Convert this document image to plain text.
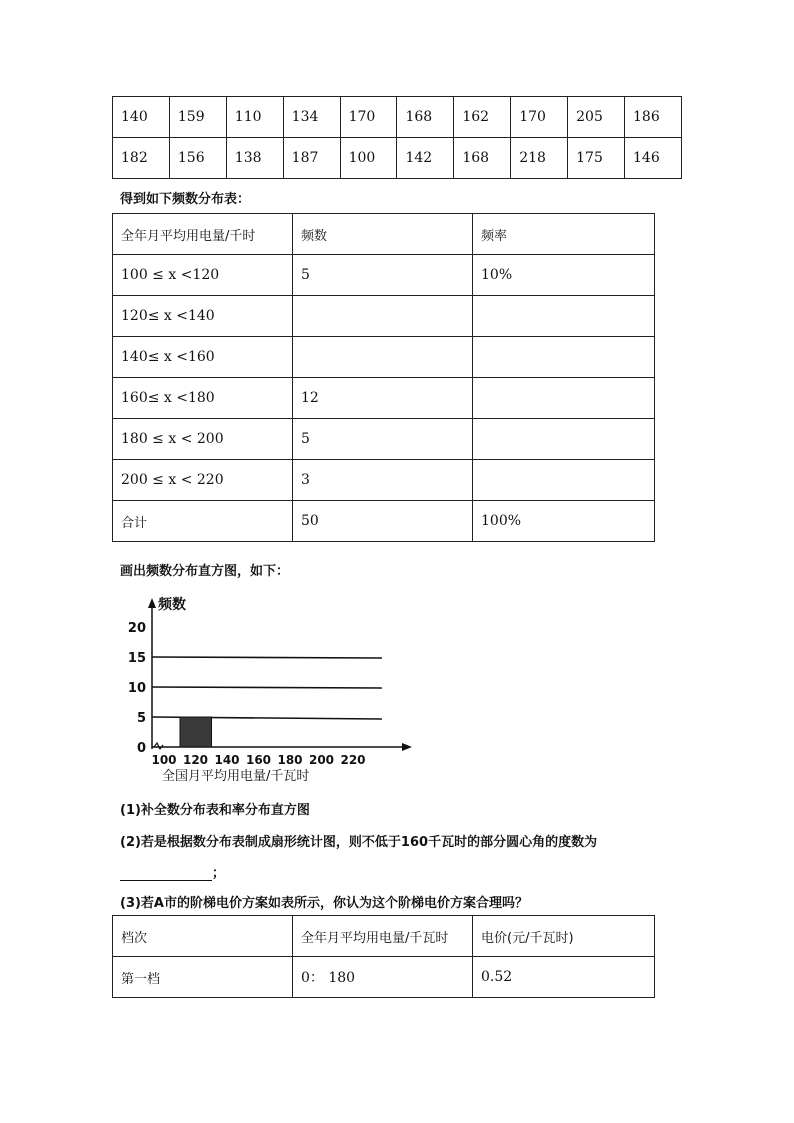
140	159	110	134	170	168	162	170	205	186
182	156	138	187	100	142	168	218	175	146
得到如下频数分布表：
全年月平均用电量/千时	频数	频率
100 ≤ x <120	5	10%
120≤ x <140		
140≤ x <160		
160≤ x <180	12	
180 ≤ x < 200	5	
200 ≤ x < 220	3	
合计	50	100%
画出频数分布直方图，如下：
0
5
10
15
20
频数
100 120 140 160 180 200 220
全国月平均用电量/千瓦时
(1)补全数分布表和率分布直方图
(2)若是根据数分布表制成扇形统计图，则不低于160千瓦时的部分圆心角的度数为
；
(3)若A市的阶梯电价方案如表所示，你认为这个阶梯电价方案合理吗？
档次	全年月平均用电量/千瓦时	电价(元/千瓦时)
第一档	0： 180	0.52
